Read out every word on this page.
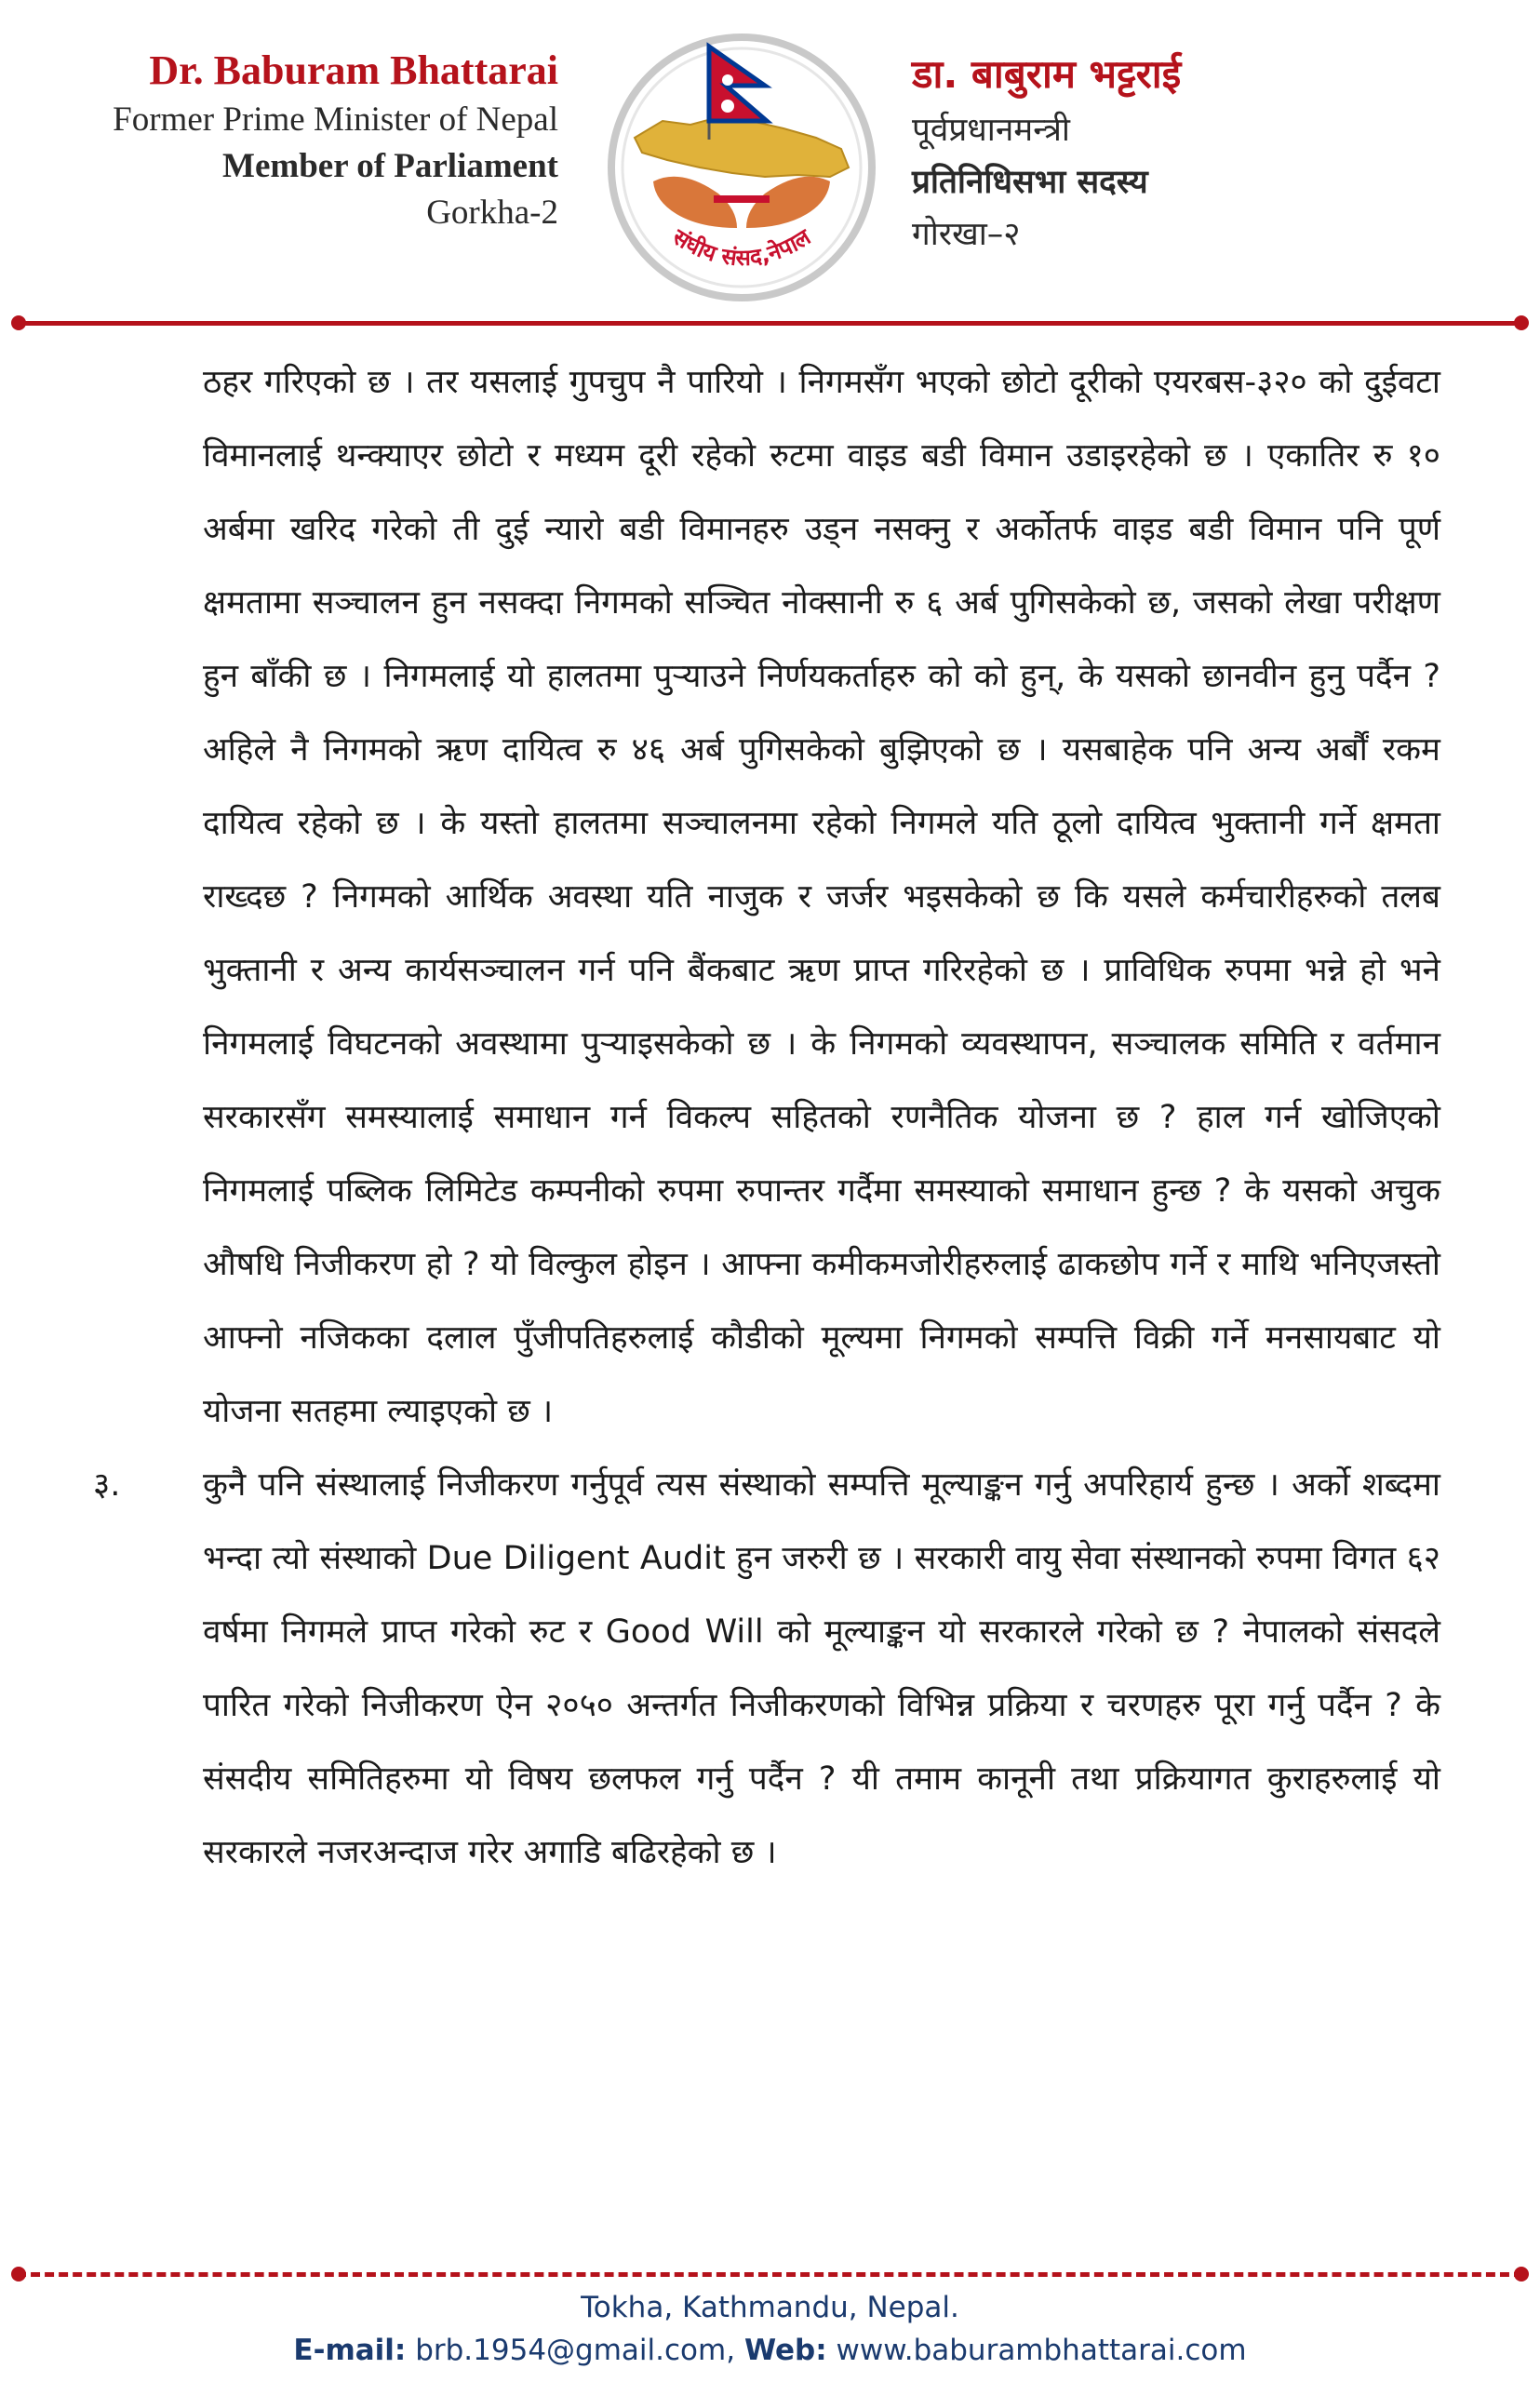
Dr. Baburam Bhattarai
Former Prime Minister of Nepal
Member of Parliament
Gorkha-2
संघीय संसद,नेपाल
डा. बाबुराम भट्टराई
पूर्वप्रधानमन्त्री
प्रतिनिधिसभा सदस्य
गोरखा–२

ठहर गरिएको छ । तर यसलाई गुपचुप नै पारियो । निगमसँग भएको छोटो दूरीको एयरबस-३२० को दुईवटा विमानलाई थन्क्याएर छोटो र मध्यम दूरी रहेको रुटमा वाइड बडी विमान उडाइरहेको छ । एकातिर रु १० अर्बमा खरिद गरेको ती दुई न्यारो बडी विमानहरु उड्न नसक्नु र अर्कोतर्फ वाइड बडी विमान पनि पूर्ण क्षमतामा सञ्चालन हुन नसक्दा निगमको सञ्चित नोक्सानी रु ६ अर्ब पुगिसकेको छ, जसको लेखा परीक्षण हुन बाँकी छ । निगमलाई यो हालतमा पुऱ्याउने निर्णयकर्ताहरु को को हुन्, के यसको छानवीन हुनु पर्दैन ? अहिले नै निगमको ऋण दायित्व रु ४६ अर्ब पुगिसकेको बुझिएको छ । यसबाहेक पनि अन्य अर्बौं रकम दायित्व रहेको छ । के यस्तो हालतमा सञ्चालनमा रहेको निगमले यति ठूलो दायित्व भुक्तानी गर्ने क्षमता राख्दछ ? निगमको आर्थिक अवस्था यति नाजुक र जर्जर भइसकेको छ कि यसले कर्मचारीहरुको तलब भुक्तानी र अन्य कार्यसञ्चालन गर्न पनि बैंकबाट ऋण प्राप्त गरिरहेको छ । प्राविधिक रुपमा भन्ने हो भने निगमलाई विघटनको अवस्थामा पुऱ्याइसकेको छ । के निगमको व्यवस्थापन, सञ्चालक समिति र वर्तमान सरकारसँग समस्यालाई समाधान गर्न विकल्प सहितको रणनैतिक योजना छ ? हाल गर्न खोजिएको निगमलाई पब्लिक लिमिटेड कम्पनीको रुपमा रुपान्तर गर्दैमा समस्याको समाधान हुन्छ ? के यसको अचुक औषधि निजीकरण हो ? यो विल्कुल होइन । आफ्ना कमीकमजोरीहरुलाई ढाकछोप गर्ने र माथि भनिएजस्तो आफ्नो नजिकका दलाल पुँजीपतिहरुलाई कौडीको मूल्यमा निगमको सम्पत्ति विक्री गर्ने मनसायबाट यो योजना सतहमा ल्याइएको छ ।

३.	कुनै पनि संस्थालाई निजीकरण गर्नुपूर्व त्यस संस्थाको सम्पत्ति मूल्याङ्कन गर्नु अपरिहार्य हुन्छ । अर्को शब्दमा भन्दा त्यो संस्थाको Due Diligent Audit हुन जरुरी छ । सरकारी वायु सेवा संस्थानको रुपमा विगत ६२ वर्षमा निगमले प्राप्त गरेको रुट र Good Will को मूल्याङ्कन यो सरकारले गरेको छ ? नेपालको संसदले पारित गरेको निजीकरण ऐन २०५० अन्तर्गत निजीकरणको विभिन्न प्रक्रिया र चरणहरु पूरा गर्नु पर्दैन ? के संसदीय समितिहरुमा यो विषय छलफल गर्नु पर्दैन ? यी तमाम कानूनी तथा प्रक्रियागत कुराहरुलाई यो सरकारले नजरअन्दाज गरेर अगाडि बढिरहेको छ ।

Tokha, Kathmandu, Nepal.
E-mail: brb.1954@gmail.com, Web: www.baburambhattarai.com
